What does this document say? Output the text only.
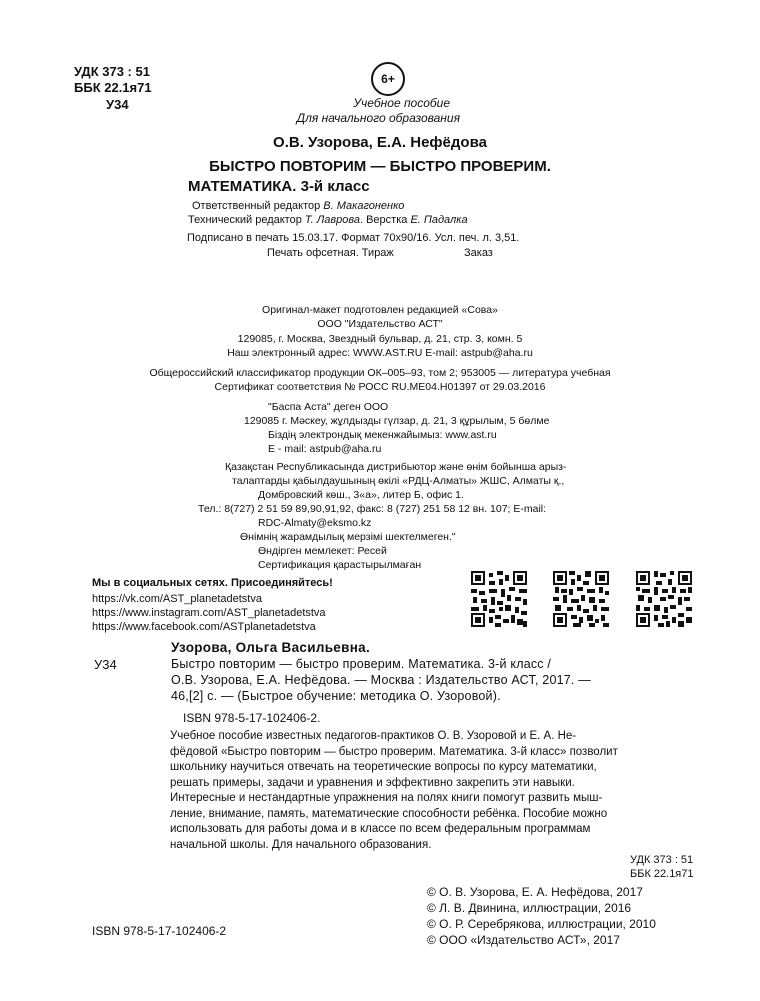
УДК 373 : 51
ББК 22.1я71
У34
6+
Учебное пособие
Для начального образования
О.В. Узорова, Е.А. Нефёдова
БЫСТРО ПОВТОРИМ — БЫСТРО ПРОВЕРИМ.
МАТЕМАТИКА. 3-й класс
Ответственный редактор В. Макагоненко
Технический редактор Т. Лаврова. Верстка Е. Падалка
Подписано в печать 15.03.17. Формат 70х90/16. Усл. печ. л. 3,51.
Печать офсетная. Тираж	Заказ
Оригинал-макет подготовлен редакцией «Сова»
ООО "Издательство АСТ"
129085, г. Москва, Звездный бульвар, д. 21, стр. 3, комн. 5
Наш электронный адрес: WWW.AST.RU E-mail: astpub@aha.ru
Общероссийский классификатор продукции ОК–005–93, том 2; 953005 — литература учебная
Сертификат соответствия № РОСС RU.ME04.H01397 от 29.03.2016
"Баспа Аста" деген ООО
129085 г. Мәскеу, жұлдызды гүлзар, д. 21, 3 құрылым, 5 бөлме
Біздің электрондық мекенжайымыз: www.ast.ru
E - mail: astpub@aha.ru
Қазақстан Республикасында дистрибьютор және өнім бойынша арыз-
талаптарды қабылдаушының өкілі «РДЦ-Алматы» ЖШС, Алматы қ.,
Домбровский көш., 3«а», литер Б, офис 1.
Тел.: 8(727) 2 51 59 89,90,91,92, факс: 8 (727) 251 58 12 вн. 107; E-mail:
RDC-Almaty@eksmo.kz
Өнімнің жарамдылық мерзімі шектелмеген."
Өндірген мемлекет: Ресей
Сертификация қарастырылмаған
Мы в социальных сетях. Присоединяйтесь!
https://vk.com/AST_planetadetstva
https://www.instagram.com/AST_planetadetstva
https://www.facebook.com/ASTplanetadetstva
Узорова, Ольга Васильевна.
У34	Быстро повторим — быстро проверим. Математика. 3-й класс /
О.В. Узорова, Е.А. Нефёдова. — Москва : Издательство АСТ, 2017. —
46,[2] с. — (Быстрое обучение: методика О. Узоровой).
ISBN 978-5-17-102406-2.
Учебное пособие известных педагогов-практиков О. В. Узоровой и Е. А. Не-
фёдовой «Быстро повторим — быстро проверим. Математика. 3-й класс» позволит
школьнику научиться отвечать на теоретические вопросы по курсу математики,
решать примеры, задачи и уравнения и эффективно закрепить эти навыки.
Интересные и нестандартные упражнения на полях книги помогут развить мыш-
ление, внимание, память, математические способности ребёнка. Пособие можно
использовать для работы дома и в классе по всем федеральным программам
начальной школы. Для начального образования.
УДК 373 : 51
ББК 22.1я71
© О. В. Узорова, Е. А. Нефёдова, 2017
© Л. В. Двинина, иллюстрации, 2016
© О. Р. Серебрякова, иллюстрации, 2010
© ООО «Издательство АСТ», 2017
ISBN 978-5-17-102406-2
